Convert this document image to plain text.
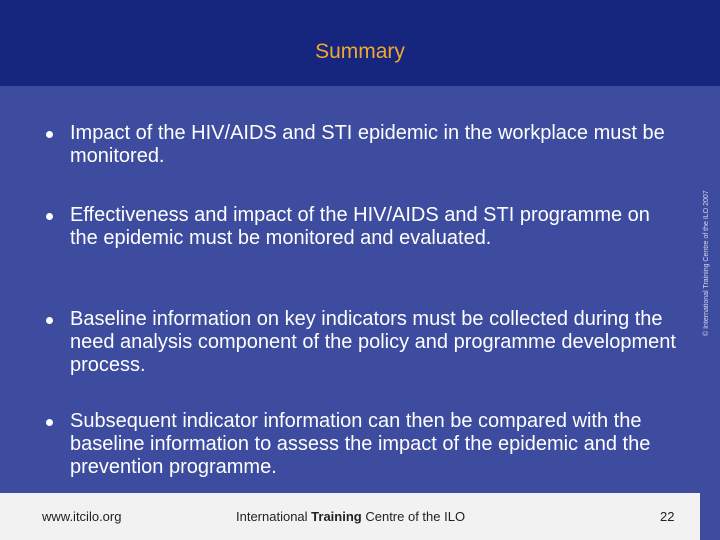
Summary
Impact of the HIV/AIDS and STI epidemic in the workplace must be monitored.
Effectiveness and impact of the HIV/AIDS and STI programme on the epidemic must be monitored and evaluated.
Baseline information on key indicators must be collected during the need analysis component of the policy and programme development process.
Subsequent indicator information can then be compared with the baseline information to assess the impact of the epidemic and the prevention programme.
www.itcilo.org	International Training Centre of the ILO	22
© International Training Centre of the ILO 2007
